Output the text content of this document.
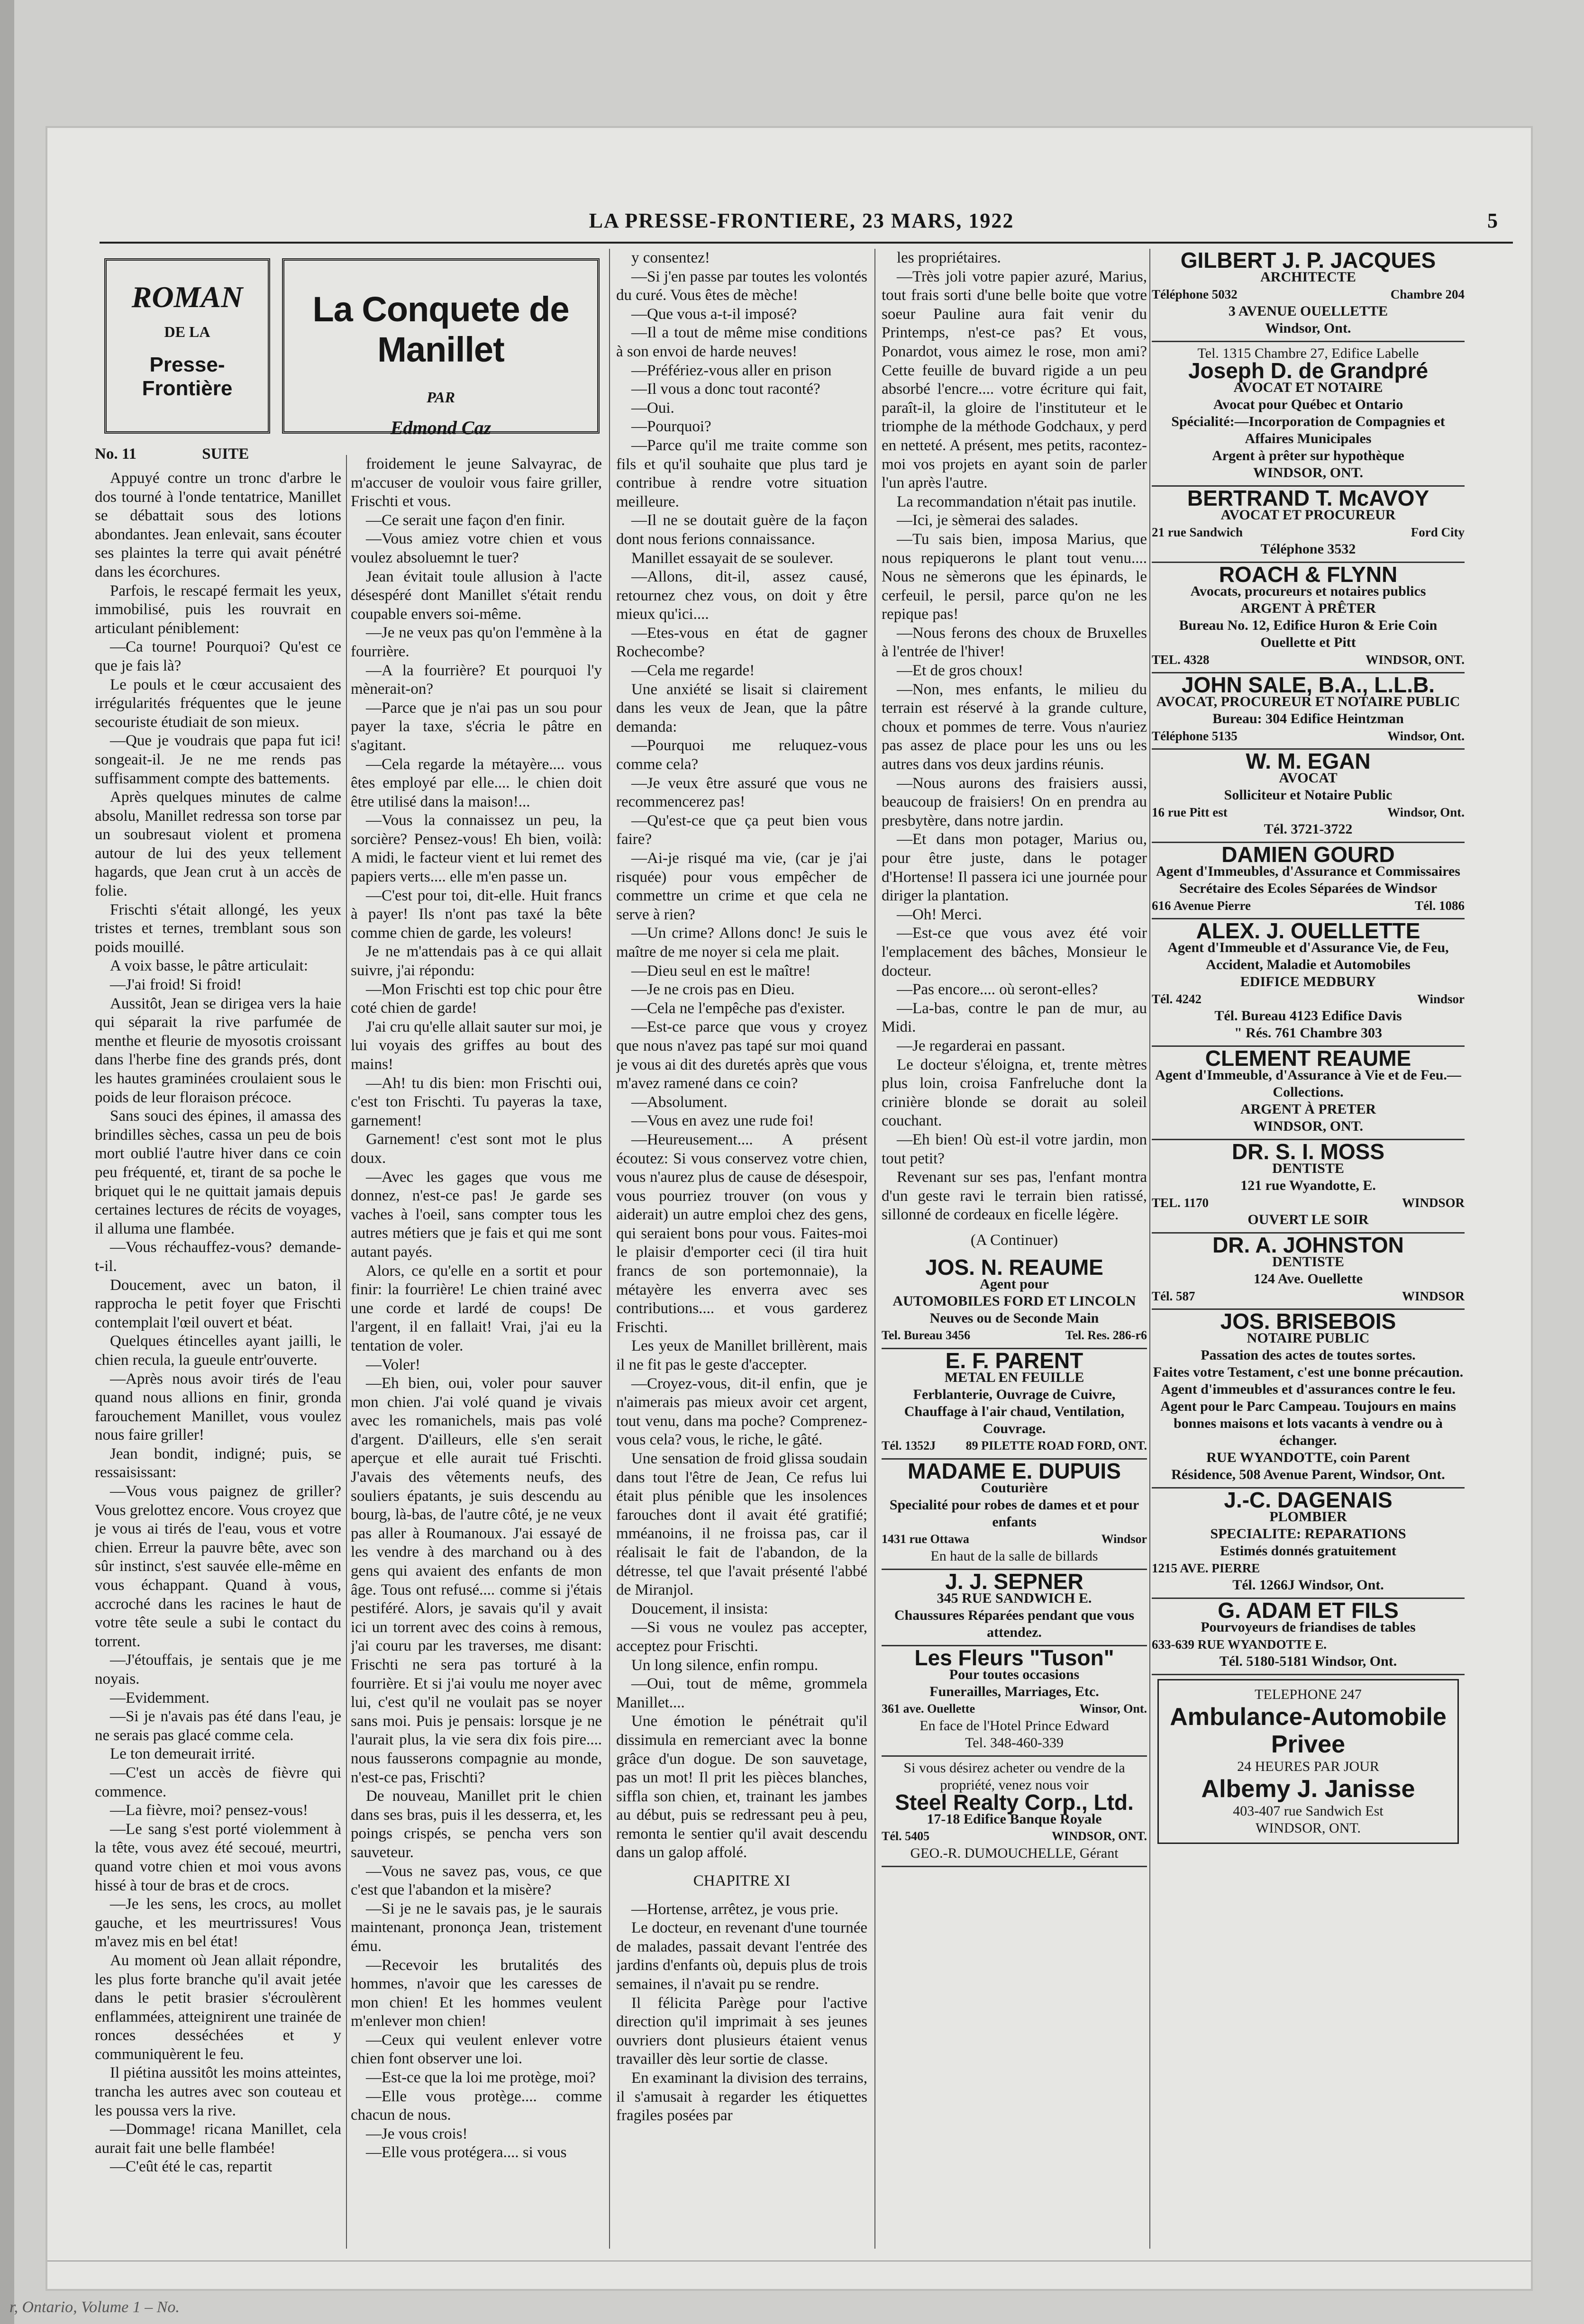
LA PRESSE-FRONTIERE, 23 MARS, 1922	5
ROMAN
DE LA
Presse-Frontière
La Conquete de Manillet
PAR
Edmond Caz
No. 11	SUITE

Appuyé contre un tronc d'arbre le dos tourné à l'onde tentatrice, Manillet se débattait sous des lotions abondantes. Jean enlevait, sans écouter ses plaintes la terre qui avait pénétré dans les écorchures.

Parfois, le rescapé fermait les yeux, immobilisé, puis les rouvrait en articulant péniblement:

—Ca tourne! Pourquoi? Qu'est ce que je fais là?

Le pouls et le cœur accusaient des irrégularités fréquentes que le jeune secouriste étudiait de son mieux.

—Que je voudrais que papa fut ici! songeait-il. Je ne me rends pas suffisamment compte des battements.

Après quelques minutes de calme absolu, Manillet redressa son torse par un soubresaut violent et promena autour de lui des yeux tellement hagards, que Jean crut à un accès de folie.

Frischti s'était allongé, les yeux tristes et ternes, tremblant sous son poids mouillé.

A voix basse, le pâtre articulait:

—J'ai froid! Si froid!

Aussitôt, Jean se dirigea vers la haie qui séparait la rive parfumée de menthe et fleurie de myosotis croissant dans l'herbe fine des grands prés, dont les hautes graminées croulaient sous le poids de leur floraison précoce.

Sans souci des épines, il amassa des brindilles sèches, cassa un peu de bois mort oublié l'autre hiver dans ce coin peu fréquenté, et, tirant de sa poche le briquet qui le ne quittait jamais depuis certaines lectures de récits de voyages, il alluma une flambée.

—Vous réchauffez-vous? demande-t-il.

Doucement, avec un baton, il rapprocha le petit foyer que Frischti contemplait l'œil ouvert et béat.

Quelques étincelles ayant jailli, le chien recula, la gueule entr'ouverte.

—Après nous avoir tirés de l'eau quand nous allions en finir, gronda farouchement Manillet, vous voulez nous faire griller!

Jean bondit, indigné; puis, se ressaisissant:

—Vous vous paignez de griller? Vous grelottez encore. Vous croyez que je vous ai tirés de l'eau, vous et votre chien. Erreur la pauvre bête, avec son sûr instinct, s'est sauvée elle-même en vous échappant. Quand à vous, accroché dans les racines le haut de votre tête seule a subi le contact du torrent.

—J'étouffais, je sentais que je me noyais.

—Evidemment.

—Si je n'avais pas été dans l'eau, je ne serais pas glacé comme cela.

Le ton demeurait irrité.

—C'est un accès de fièvre qui commence.

—La fièvre, moi? pensez-vous!

—Le sang s'est porté violemment à la tête, vous avez été secoué, meurtri, quand votre chien et moi vous avons hissé à tour de bras et de crocs.

—Je les sens, les crocs, au mollet gauche, et les meurtrissures! Vous m'avez mis en bel état!

Au moment où Jean allait répondre, les plus forte branche qu'il avait jetée dans le petit brasier s'écroulèrent enflammées, atteignirent une trainée de ronces desséchées et y communiquèrent le feu.

Il piétina aussitôt les moins atteintes, trancha les autres avec son couteau et les poussa vers la rive.

—Dommage! ricana Manillet, cela aurait fait une belle flambée!

—C'eût été le cas, repartit

froidement le jeune Salvayrac, de m'accuser de vouloir vous faire griller, Frischti et vous.

—Ce serait une façon d'en finir.

—Vous amiez votre chien et vous voulez absoluemnt le tuer?

Jean évitait toule allusion à l'acte désespéré dont Manillet s'était rendu coupable envers soi-même.

—Je ne veux pas qu'on l'emmène à la fourrière.

—A la fourrière? Et pourquoi l'y mènerait-on?

—Parce que je n'ai pas un sou pour payer la taxe, s'écria le pâtre en s'agitant.

—Cela regarde la métayère.... vous êtes employé par elle.... le chien doit être utilisé dans la maison!...

—Vous la connaissez un peu, la sorcière? Pensez-vous! Eh bien, voilà: A midi, le facteur vient et lui remet des papiers verts.... elle m'en passe un.

—C'est pour toi, dit-elle. Huit francs à payer! Ils n'ont pas taxé la bête comme chien de garde, les voleurs!

Je ne m'attendais pas à ce qui allait suivre, j'ai répondu:

—Mon Frischti est top chic pour être coté chien de garde!

J'ai cru qu'elle allait sauter sur moi, je lui voyais des griffes au bout des mains!

—Ah! tu dis bien: mon Frischti oui, c'est ton Frischti. Tu payeras la taxe, garnement!

Garnement! c'est sont mot le plus doux.

—Avec les gages que vous me donnez, n'est-ce pas! Je garde ses vaches à l'oeil, sans compter tous les autres métiers que je fais et qui me sont autant payés.

Alors, ce qu'elle en a sortit et pour finir: la fourrière! Le chien trainé avec une corde et lardé de coups! De l'argent, il en fallait! Vrai, j'ai eu la tentation de voler.

—Voler!

—Eh bien, oui, voler pour sauver mon chien. J'ai volé quand je vivais avec les romanichels, mais pas volé d'argent. D'ailleurs, elle s'en serait aperçue et elle aurait tué Frischti. J'avais des vêtements neufs, des souliers épatants, je suis descendu au bourg, là-bas, de l'autre côté, je ne veux pas aller à Roumanoux. J'ai essayé de les vendre à des marchand ou à des gens qui avaient des enfants de mon âge. Tous ont refusé.... comme si j'étais pestiféré. Alors, je savais qu'il y avait ici un torrent avec des coins à remous, j'ai couru par les traverses, me disant: Frischti ne sera pas torturé à la fourrière. Et si j'ai voulu me noyer avec lui, c'est qu'il ne voulait pas se noyer sans moi. Puis je pensais: lorsque je ne l'aurait plus, la vie sera dix fois pire.... nous fausserons compagnie au monde, n'est-ce pas, Frischti?

De nouveau, Manillet prit le chien dans ses bras, puis il les desserra, et, les poings crispés, se pencha vers son sauveteur.

—Vous ne savez pas, vous, ce que c'est que l'abandon et la misère?

—Si je ne le savais pas, je le saurais maintenant, prononça Jean, tristement ému.

—Recevoir les brutalités des hommes, n'avoir que les caresses de mon chien! Et les hommes veulent m'enlever mon chien!

—Ceux qui veulent enlever votre chien font observer une loi.

—Est-ce que la loi me protège, moi?

—Elle vous protège.... comme chacun de nous.

—Je vous crois!

—Elle vous protégera.... si vous

y consentez!

—Si j'en passe par toutes les volontés du curé. Vous êtes de mèche!

—Que vous a-t-il imposé?

—Il a tout de même mise conditions à son envoi de harde neuves!

—Préfériez-vous aller en prison

—Il vous a donc tout raconté?

—Oui.

—Pourquoi?

—Parce qu'il me traite comme son fils et qu'il souhaite que plus tard je contribue à rendre votre situation meilleure.

—Il ne se doutait guère de la façon dont nous ferions connaissance.

Manillet essayait de se soulever.

—Allons, dit-il, assez causé, retournez chez vous, on doit y être mieux qu'ici....

—Etes-vous en état de gagner Rochecombe?

—Cela me regarde!

Une anxiété se lisait si clairement dans les veux de Jean, que la pâtre demanda:

—Pourquoi me reluquez-vous comme cela?

—Je veux être assuré que vous ne recommencerez pas!

—Qu'est-ce que ça peut bien vous faire?

—Ai-je risqué ma vie, (car je j'ai risquée) pour vous empêcher de commettre un crime et que cela ne serve à rien?

—Un crime? Allons donc! Je suis le maître de me noyer si cela me plait.

—Dieu seul en est le maître!

—Je ne crois pas en Dieu.

—Cela ne l'empêche pas d'exister.

—Est-ce parce que vous y croyez que nous n'avez pas tapé sur moi quand je vous ai dit des duretés après que vous m'avez ramené dans ce coin?

—Absolument.

—Vous en avez une rude foi!

—Heureusement.... A présent écoutez: Si vous conservez votre chien, vous n'aurez plus de cause de désespoir, vous pourriez trouver (on vous y aiderait) un autre emploi chez des gens, qui seraient bons pour vous. Faites-moi le plaisir d'emporter ceci (il tira huit francs de son portemonnaie), la métayère les enverra avec ses contributions.... et vous garderez Frischti.

Les yeux de Manillet brillèrent, mais il ne fit pas le geste d'accepter.

—Croyez-vous, dit-il enfin, que je n'aimerais pas mieux avoir cet argent, tout venu, dans ma poche? Comprenez-vous cela? vous, le riche, le gâté.

Une sensation de froid glissa soudain dans tout l'être de Jean, Ce refus lui était plus pénible que les insolences farouches dont il avait été gratifié; mméanoins, il ne froissa pas, car il réalisait le fait de l'abandon, de la détresse, tel que l'avait présenté l'abbé de Miranjol.

Doucement, il insista:

—Si vous ne voulez pas accepter, acceptez pour Frischti.

Un long silence, enfin rompu.

—Oui, tout de même, grommela Manillet....

Une émotion le pénétrait qu'il dissimula en remerciant avec la bonne grâce d'un dogue. De son sauvetage, pas un mot! Il prit les pièces blanches, siffla son chien, et, trainant les jambes au début, puis se redressant peu à peu, remonta le sentier qu'il avait descendu dans un galop affolé.

CHAPITRE XI

—Hortense, arrêtez, je vous prie.

Le docteur, en revenant d'une tournée de malades, passait devant l'entrée des jardins d'enfants où, depuis plus de trois semaines, il n'avait pu se rendre.

Il félicita Parège pour l'active direction qu'il imprimait à ses jeunes ouvriers dont plusieurs étaient venus travailler dès leur sortie de classe.

En examinant la division des terrains, il s'amusait à regarder les étiquettes fragiles posées par

les propriétaires.

—Très joli votre papier azuré, Marius, tout frais sorti d'une belle boite que votre soeur Pauline aura fait venir du Printemps, n'est-ce pas? Et vous, Ponardot, vous aimez le rose, mon ami? Cette feuille de buvard rigide a un peu absorbé l'encre.... votre écriture qui fait, paraît-il, la gloire de l'instituteur et le triomphe de la méthode Godchaux, y perd en netteté. A présent, mes petits, racontez-moi vos projets en ayant soin de parler l'un après l'autre.

La recommandation n'était pas inutile.

—Ici, je sèmerai des salades.

—Tu sais bien, imposa Marius, que nous repiquerons le plant tout venu.... Nous ne sèmerons que les épinards, le cerfeuil, le persil, parce qu'on ne les repique pas!

—Nous ferons des choux de Bruxelles à l'entrée de l'hiver!

—Et de gros choux!

—Non, mes enfants, le milieu du terrain est réservé à la grande culture, choux et pommes de terre. Vous n'auriez pas assez de place pour les uns ou les autres dans vos deux jardins réunis.

—Nous aurons des fraisiers aussi, beaucoup de fraisiers! On en prendra au presbytère, dans notre jardin.

—Et dans mon potager, Marius ou, pour être juste, dans le potager d'Hortense! Il passera ici une journée pour diriger la plantation.

—Oh! Merci.

—Est-ce que vous avez été voir l'emplacement des bâches, Monsieur le docteur.

—Pas encore.... où seront-elles?

—La-bas, contre le pan de mur, au Midi.

—Je regarderai en passant.

Le docteur s'éloigna, et, trente mètres plus loin, croisa Fanfreluche dont la crinière blonde se dorait au soleil couchant.

—Eh bien! Où est-il votre jardin, mon tout petit?

Revenant sur ses pas, l'enfant montra d'un geste ravi le terrain bien ratissé, sillonné de cordeaux en ficelle légère.

(A Continuer)

JOS. N. REAUME
Agent pour
AUTOMOBILES FORD ET LINCOLN
Neuves ou de Seconde Main
Tel. Bureau 3456	Tel. Res. 286-r6
E. F. PARENT
METAL EN FEUILLE
Ferblanterie, Ouvrage de Cuivre, Chauffage à l'air chaud, Ventilation, Couvrage.
Tél. 1352J 89 PILETTE ROAD FORD, ONT.
MADAME E. DUPUIS
Couturière
Specialité pour robes de dames et et pour enfants
1431 rue Ottawa	Windsor
En haut de la salle de billards
J. J. SEPNER
345 RUE SANDWICH E.
Chaussures Réparées pendant que vous attendez.
Les Fleurs "Tuson"
Pour toutes occasions
Funerailles, Marriages, Etc.
361 ave. Ouellette	Winsor, Ont.
En face de l'Hotel Prince Edward
Tel. 348-460-339
Si vous désirez acheter ou vendre de la propriété, venez nous voir
Steel Realty Corp., Ltd.
17-18 Edifice Banque Royale
Tél. 5405	WINDSOR, ONT.
GEO.-R. DUMOUCHELLE, Gérant
GILBERT J. P. JACQUES
ARCHITECTE
Téléphone 5032	Chambre 204
3 AVENUE OUELLETTE
Windsor, Ont.
Tel. 1315 Chambre 27, Edifice Labelle
Joseph D. de Grandpré
AVOCAT ET NOTAIRE
Avocat pour Québec et Ontario
Spécialité:—Incorporation de Compagnies et Affaires Municipales
Argent à prêter sur hypothèque
WINDSOR, ONT.
BERTRAND T. McAVOY
AVOCAT ET PROCUREUR
21 rue Sandwich	Ford City
Téléphone 3532
ROACH & FLYNN
Avocats, procureurs et notaires publics
ARGENT À PRÊTER
Bureau No. 12, Edifice Huron & Erie Coin Ouellette et Pitt
TEL. 4328	WINDSOR, ONT.
JOHN SALE, B.A., L.L.B.
AVOCAT, PROCUREUR ET NOTAIRE PUBLIC
Bureau: 304 Edifice Heintzman
Téléphone 5135	Windsor, Ont.
W. M. EGAN
AVOCAT
Solliciteur et Notaire Public
16 rue Pitt est	Windsor, Ont.
Tél. 3721-3722
DAMIEN GOURD
Agent d'Immeubles, d'Assurance et Commissaires
Secrétaire des Ecoles Séparées de Windsor
616 Avenue Pierre	Tél. 1086
ALEX. J. OUELLETTE
Agent d'Immeuble et d'Assurance Vie, de Feu, Accident, Maladie et Automobiles
EDIFICE MEDBURY
Tél. 4242	Windsor
Tél. Bureau 4123 Edifice Davis
" Rés. 761 Chambre 303
CLEMENT REAUME
Agent d'Immeuble, d'Assurance à Vie et de Feu.—Collections.
ARGENT À PRETER
WINDSOR, ONT.
DR. S. I. MOSS
DENTISTE
121 rue Wyandotte, E.
TEL. 1170	WINDSOR
OUVERT LE SOIR
DR. A. JOHNSTON
DENTISTE
124 Ave. Ouellette
Tél. 587	WINDSOR
JOS. BRISEBOIS
NOTAIRE PUBLIC
Passation des actes de toutes sortes.
Faites votre Testament, c'est une bonne précaution.
Agent d'immeubles et d'assurances contre le feu.
Agent pour le Parc Campeau. Toujours en mains bonnes maisons et lots vacants à vendre ou à échanger.
RUE WYANDOTTE, coin Parent
Résidence, 508 Avenue Parent, Windsor, Ont.
J.-C. DAGENAIS
PLOMBIER
SPECIALITE: REPARATIONS
Estimés donnés gratuitement
1215 AVE. PIERRE
Tél. 1266J Windsor, Ont.
G. ADAM ET FILS
Pourvoyeurs de friandises de tables
633-639 RUE WYANDOTTE E.
Tél. 5180-5181 Windsor, Ont.
TELEPHONE 247
Ambulance-Automobile Privee
24 HEURES PAR JOUR
Albemy J. Janisse
403-407 rue Sandwich Est
WINDSOR, ONT.
r, Ontario, Volume 1 – No.
